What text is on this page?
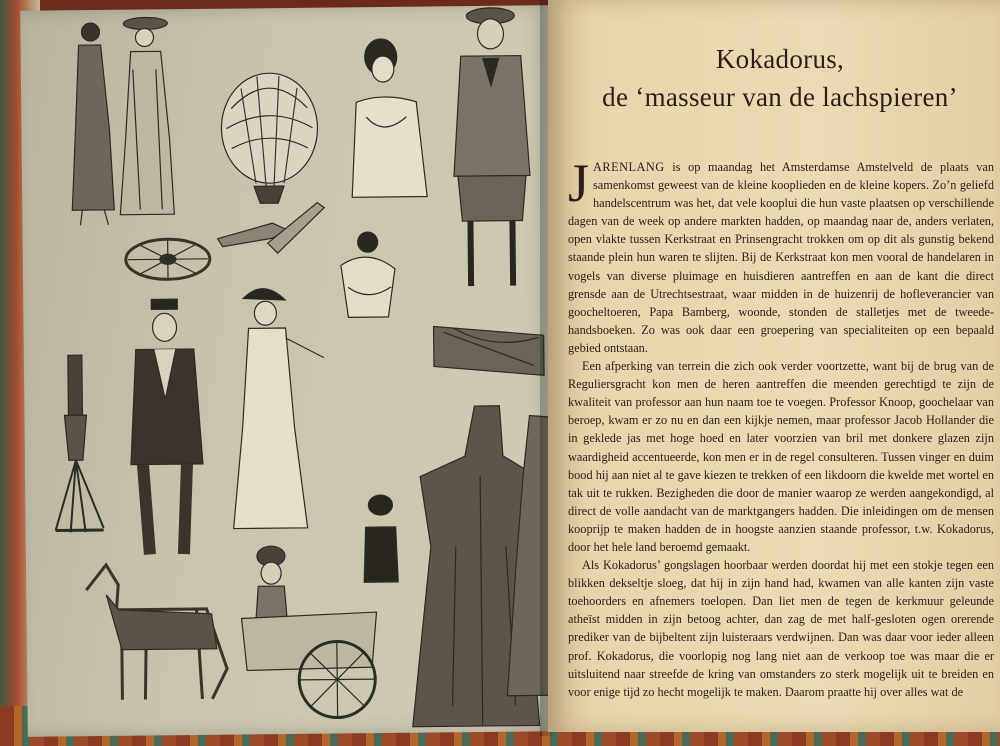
Kokadorus,
de ‘masseur van de lachspieren’

JARENLANG is op maandag het Amsterdamse Amstelveld de plaats van samenkomst geweest van de kleine kooplieden en de kleine kopers. Zo’n geliefd handelscentrum was het, dat vele kooplui die hun vaste plaatsen op verschillende dagen van de week op andere markten hadden, op maandag naar de, anders verlaten, open vlakte tussen Kerkstraat en Prinsengracht trokken om op dit als gunstig bekend staande plein hun waren te slijten. Bij de Kerkstraat kon men vooral de handelaren in vogels van diverse pluimage en huisdieren aantreffen en aan de kant die direct grensde aan de Utrechtsestraat, waar midden in de huizenrij de hofleverancier van goocheltoeren, Papa Bamberg, woonde, stonden de stalletjes met de tweede-handsboeken. Zo was ook daar een groepering van specialiteiten op een bepaald gebied ontstaan.

Een afperking van terrein die zich ook verder voortzette, want bij de brug van de Reguliersgracht kon men de heren aantreffen die meenden gerechtigd te zijn de kwaliteit van professor aan hun naam toe te voegen. Professor Knoop, goochelaar van beroep, kwam er zo nu en dan een kijkje nemen, maar professor Jacob Hollander die in geklede jas met hoge hoed en later voorzien van bril met donkere glazen zijn waardigheid accentueerde, kon men er in de regel consulteren. Tussen vinger en duim bood hij aan niet al te gave kiezen te trekken of een likdoorn die kwelde met wortel en tak uit te rukken. Bezigheden die door de manier waarop ze werden aangekondigd, al direct de volle aandacht van de marktgangers hadden. Die inleidingen om de mensen kooprijp te maken hadden de in hoogste aanzien staande professor, t.w. Kokadorus, door het hele land beroemd gemaakt.

Als Kokadorus’ gongslagen hoorbaar werden doordat hij met een stokje tegen een blikken dekseltje sloeg, dat hij in zijn hand had, kwamen van alle kanten zijn vaste toehoorders en afnemers toelopen. Dan liet men de tegen de kerkmuur geleunde atheïst midden in zijn betoog achter, dan zag de met half-gesloten ogen orerende prediker van de bijbeltent zijn luisteraars verdwijnen. Dan was daar voor ieder alleen prof. Kokadorus, die voorlopig nog lang niet aan de verkoop toe was maar die er uitsluitend naar streefde de kring van omstanders zo sterk mogelijk uit te breiden en voor enige tijd zo hecht mogelijk te maken. Daarom praatte hij over alles wat de
